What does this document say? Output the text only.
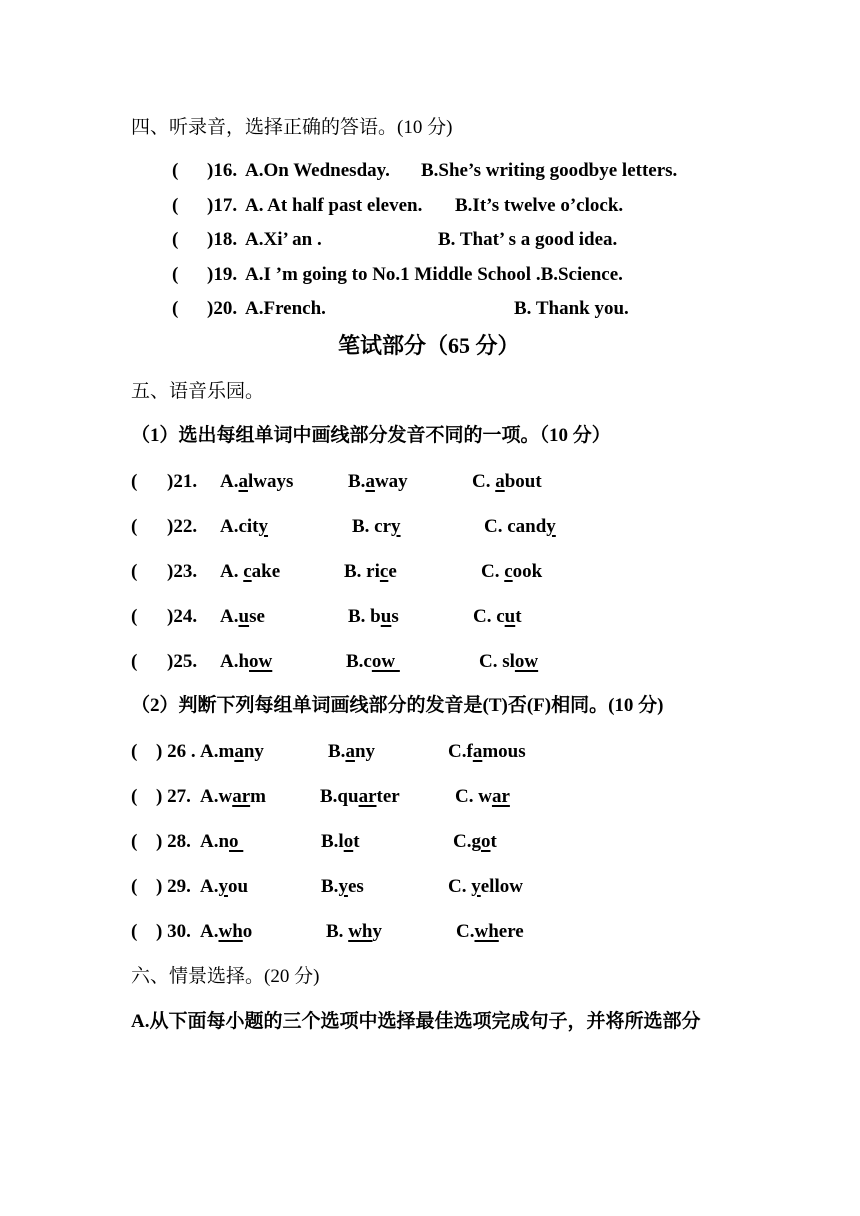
四、听录音，选择正确的答语。(10 分)
( )16. A.On Wednesday. B.She’s writing goodbye letters.
( )17. A. At half past eleven. B.It’s twelve o’clock.
( )18. A.Xi’ an .	B. That’ s a good idea.
( )19. A.I ’m going to No.1 Middle School .B.Science.
( )20. A.French.	B. Thank you.
笔试部分（65 分）
五、语音乐园。
（1）选出每组单词中画线部分发音不同的一项。（10 分）
( )21. A.always	B.away	C. about
( )22. A.city	B. cry	C. candy
( )23. A. cake	B. rice	C. cook
( )24. A.use	B. bus	C. cut
( )25. A.how	B.cow	C. slow
（2）判断下列每组单词画线部分的发音是(T)否(F)相同。(10 分)
( ) 26 . A.many	B.any	C.famous
( ) 27. A.warm	B.quarter	C. war
( ) 28. A.no	B.lot	C.got
( ) 29. A.you	B.yes	C. yellow
( ) 30. A.who	B. why	C.where
六、情景选择。(20 分)
A.从下面每小题的三个选项中选择最佳选项完成句子，并将所选部分
